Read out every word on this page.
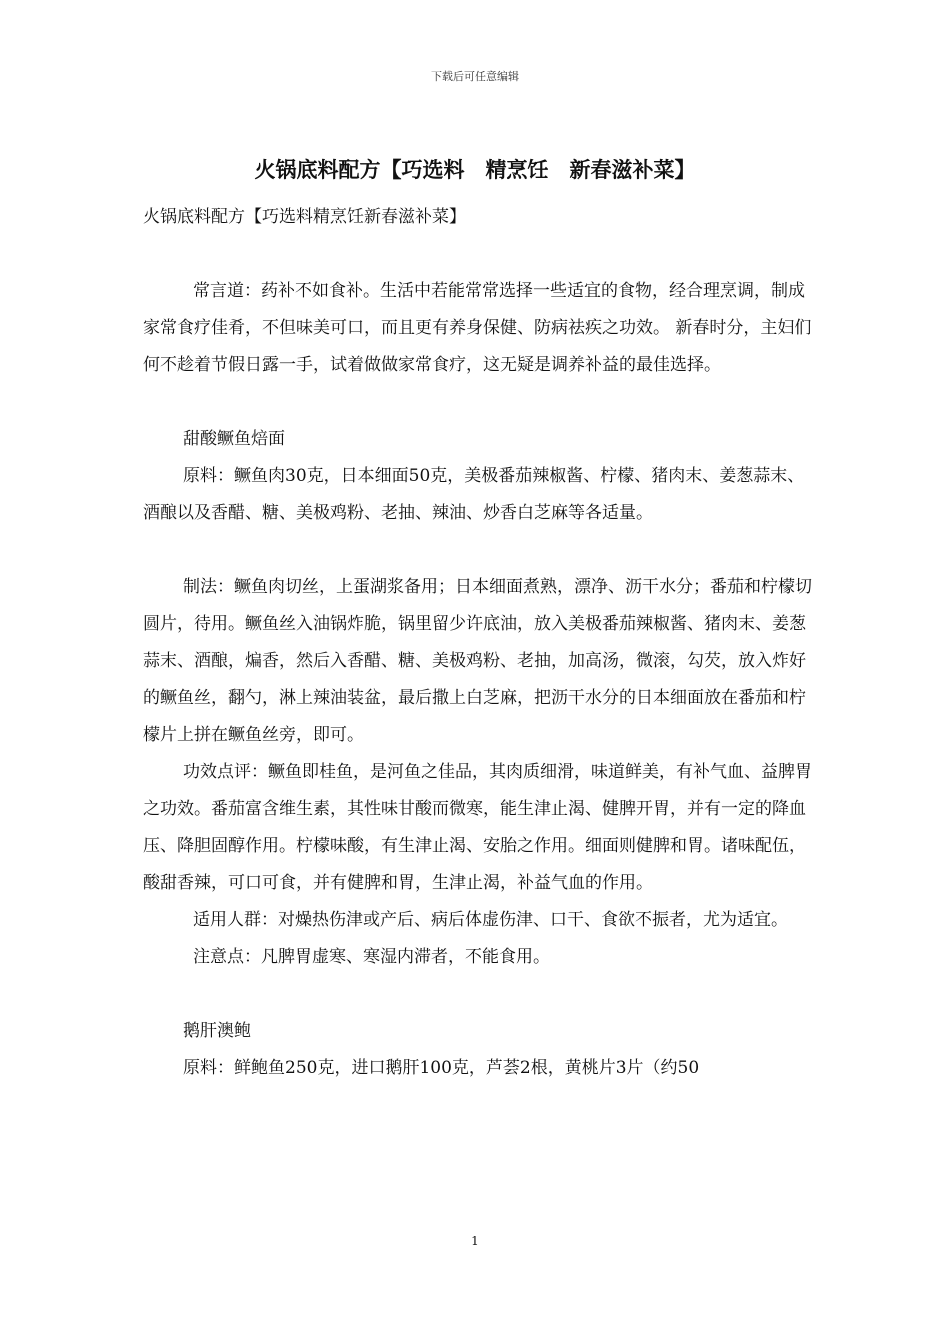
下载后可任意编辑
火锅底料配方【巧选料　精烹饪　新春滋补菜】

火锅底料配方【巧选料精烹饪新春滋补菜】

常言道：药补不如食补。生活中若能常常选择一些适宜的食物，经合理烹调，制成家常食疗佳肴，不但味美可口，而且更有养身保健、防病祛疾之功效。 新春时分，主妇们何不趁着节假日露一手，试着做做家常食疗，这无疑是调养补益的最佳选择。

甜酸鳜鱼焙面

原料：鳜鱼肉30克，日本细面50克，美极番茄辣椒酱、柠檬、猪肉末、姜葱蒜末、酒酿以及香醋、糖、美极鸡粉、老抽、辣油、炒香白芝麻等各适量。

制法：鳜鱼肉切丝，上蛋湖浆备用；日本细面煮熟，漂净、沥干水分；番茄和柠檬切圆片，待用。鳜鱼丝入油锅炸脆，锅里留少许底油，放入美极番茄辣椒酱、猪肉末、姜葱蒜末、酒酿，煸香，然后入香醋、糖、美极鸡粉、老抽，加高汤，微滚，勾芡，放入炸好的鳜鱼丝，翻勺，淋上辣油装盆，最后撒上白芝麻，把沥干水分的日本细面放在番茄和柠檬片上拼在鳜鱼丝旁，即可。

功效点评：鳜鱼即桂鱼，是河鱼之佳品，其肉质细滑，味道鲜美，有补气血、益脾胃之功效。番茄富含维生素，其性味甘酸而微寒，能生津止渴、健脾开胃，并有一定的降血压、降胆固醇作用。柠檬味酸，有生津止渴、安胎之作用。细面则健脾和胃。诸味配伍，酸甜香辣，可口可食，并有健脾和胃，生津止渴，补益气血的作用。

适用人群：对燥热伤津或产后、病后体虚伤津、口干、食欲不振者，尤为适宜。

注意点：凡脾胃虚寒、寒湿内滞者，不能食用。

鹅肝澳鲍

原料：鲜鲍鱼250克，进口鹅肝100克，芦荟2根，黄桃片3片（约50

1
